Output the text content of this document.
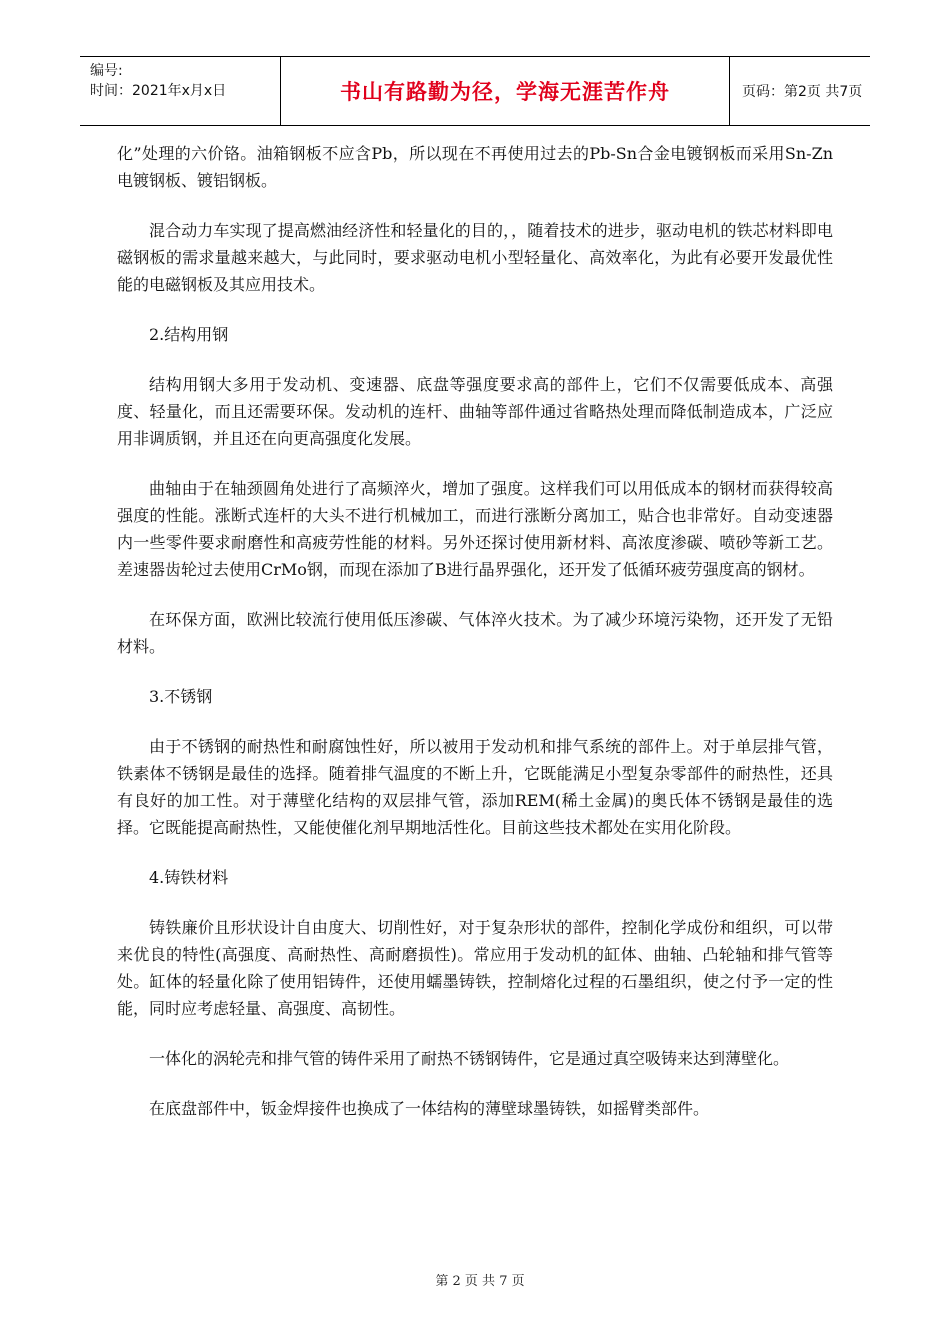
编号:
时间：2021年x月x日	书山有路勤为径，学海无涯苦作舟	页码：第2页 共7页

化”处理的六价铬。油箱钢板不应含Pb，所以现在不再使用过去的Pb-Sn合金电镀钢板而采用Sn-Zn电镀钢板、镀铝钢板。

混合动力车实现了提高燃油经济性和轻量化的目的，，随着技术的进步，驱动电机的铁芯材料即电磁钢板的需求量越来越大，与此同时，要求驱动电机小型轻量化、高效率化，为此有必要开发最优性能的电磁钢板及其应用技术。

2.结构用钢

结构用钢大多用于发动机、变速器、底盘等强度要求高的部件上，它们不仅需要低成本、高强度、轻量化，而且还需要环保。发动机的连杆、曲轴等部件通过省略热处理而降低制造成本，广泛应用非调质钢，并且还在向更高强度化发展。

曲轴由于在轴颈圆角处进行了高频淬火，增加了强度。这样我们可以用低成本的钢材而获得较高强度的性能。涨断式连杆的大头不进行机械加工，而进行涨断分离加工，贴合也非常好。自动变速器内一些零件要求耐磨性和高疲劳性能的材料。另外还探讨使用新材料、高浓度渗碳、喷砂等新工艺。差速器齿轮过去使用CrMo钢，而现在添加了B进行晶界强化，还开发了低循环疲劳强度高的钢材。

在环保方面，欧洲比较流行使用低压渗碳、气体淬火技术。为了减少环境污染物，还开发了无铅材料。

3.不锈钢

由于不锈钢的耐热性和耐腐蚀性好，所以被用于发动机和排气系统的部件上。对于单层排气管，铁素体不锈钢是最佳的选择。随着排气温度的不断上升，它既能满足小型复杂零部件的耐热性，还具有良好的加工性。对于薄壁化结构的双层排气管，添加REM(稀土金属)的奥氏体不锈钢是最佳的选择。它既能提高耐热性，又能使催化剂早期地活性化。目前这些技术都处在实用化阶段。

4.铸铁材料

铸铁廉价且形状设计自由度大、切削性好，对于复杂形状的部件，控制化学成份和组织，可以带来优良的特性(高强度、高耐热性、高耐磨损性)。常应用于发动机的缸体、曲轴、凸轮轴和排气管等处。缸体的轻量化除了使用铝铸件，还使用蠕墨铸铁，控制熔化过程的石墨组织，使之付予一定的性能，同时应考虑轻量、高强度、高韧性。

一体化的涡轮壳和排气管的铸件采用了耐热不锈钢铸件，它是通过真空吸铸来达到薄壁化。

在底盘部件中，钣金焊接件也换成了一体结构的薄壁球墨铸铁，如摇臂类部件。

第 2 页 共 7 页
